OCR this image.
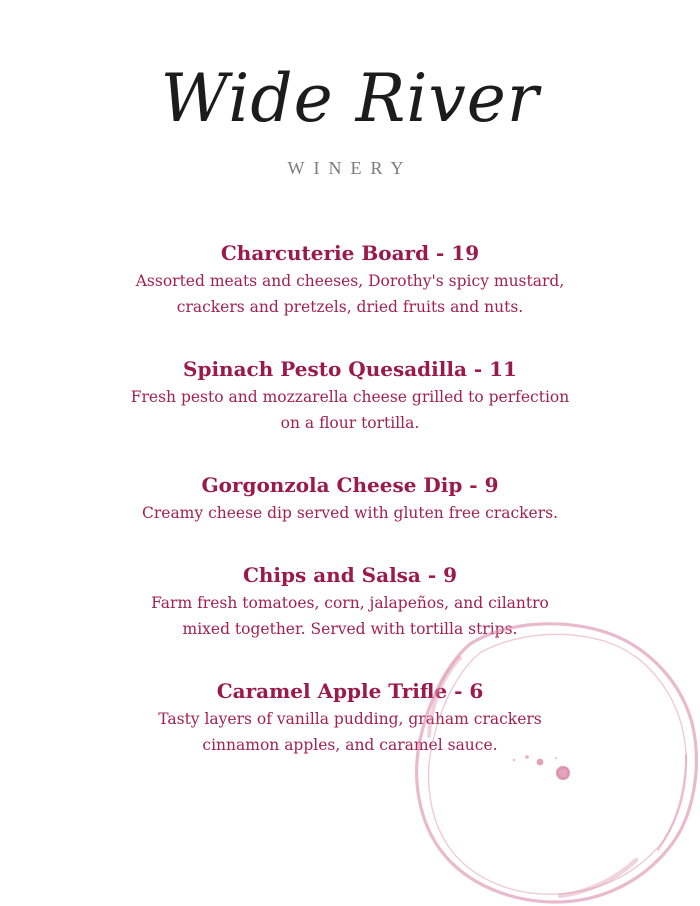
Wide River
WINERY
Charcuterie Board - 19
Assorted meats and cheeses, Dorothy's spicy mustard,
crackers and pretzels, dried fruits and nuts.
Spinach Pesto Quesadilla - 11
Fresh pesto and mozzarella cheese grilled to perfection
on a flour tortilla.
Gorgonzola Cheese Dip - 9
Creamy cheese dip served with gluten free crackers.
Chips and Salsa - 9
Farm fresh tomatoes, corn, jalapeños, and cilantro
mixed together. Served with tortilla strips.
Caramel Apple Trifle - 6
Tasty layers of vanilla pudding, graham crackers
cinnamon apples, and caramel sauce.
